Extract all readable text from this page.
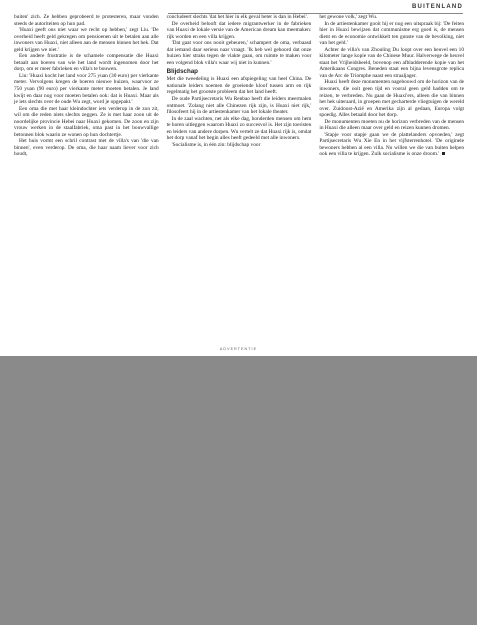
BUITENLAND

buiten' zich. Ze hebben geprobeerd te protesteren, maar vonden steeds de autoriteiten op hun pad.

'Huaxi geeft ons niet waar we recht op hebben,' zegt Liu. 'De overheid heeft geld gekregen om pensioenen uit te betalen aan alle inwoners van Huaxi, niet alleen aan de mensen binnen het hek. Dat geld krijgen we niet.'

Een andere frustratie is de schamele compensatie die Huaxi betaalt aan boeren van wie het land wordt ingenomen door het dorp, om er meer fabrieken en villa's te bouwen.

Liu: 'Huaxi kocht het land voor 275 yuan (30 euro) per vierkante meter. Vervolgens kregen de boeren nieuwe huizen, waarvoor ze 750 yuan (90 euro) per vierkante meter moeten betalen. Je land kwijt en daar nog voor moeten betalen ook: dat is Huaxi. Maar als je iets slechts over de oude Wu zegt, word je opgepakt.'

Een oma die met haar kleindochter iets verderop in de zon zit, wil om die reden niets slechts zeggen. Ze is met haar zoon uit de noordelijke provincie Hebei naar Huaxi gekomen. De zoon en zijn vrouw werken in de staalfabriek, oma past in het bouwvallige betonnen blok waarin ze wonen op hun dochtertje.

Het huis vormt een schril contrast met de villa's van 'die van binnen', even verderop. De oma, die haar naam liever voor zich houdt,

concludeert slechts 'dat het hier in elk geval beter is dan in Hebei'.

De overheid belooft dat iedere migrantwerker in de fabrieken van Huaxi de lokale versie van de American dream kan meemaken: rijk worden en een villa krijgen.

'Dat gaat voor ons nooit gebeuren,' schampert de oma, verbaasd dat iemand daar serieus naar vraagt. 'Ik heb wel gehoord dat onze huizen hier straks tegen de vlakte gaan, om ruimte te maken voor een volgend blok villa's waar wij niet in kunnen.'

Blijdschap

Met die tweedeling is Huaxi een afspiegeling van heel China. De nationale leiders noemen de groeiende kloof tussen arm en rijk regelmatig het grootste probleem dat het land heeft.

De oude Partijsecretaris Wu Renbao heeft die leiders meermalen ontmoet. 'Zolang niet alle Chinezen rijk zijn, is Huaxi niet rijk,' filosofeert hij in de artiestenkamer van het lokale theater.

In de zaal wachten, net als elke dag, honderden mensen om hem te horen uitleggen waarom Huaxi zo succesvol is. Het zijn toeristen en leiders van andere dorpen. Wu vertelt ze dat Huaxi rijk is, omdat het dorp vanaf het begin alles heeft gedeeld met alle inwoners.

'Socialisme is, in één zin: blijdschap voor

het gewone volk,' zegt Wu.

In de artiestenkamer gooit hij er nog een uitspraak bij: 'De feiten hier in Huaxi bewijzen dat communisme erg goed is, de mensen dient en de economie ontwikkelt ten gunste van de bevolking, niet van het geld.'

Achter de villa's van Zhouling Du loopt over een heuvel een 10 kilometer lange kopie van de Chinese Muur. Halverwege de heuvel staat het Vrijheidsbeeld, bovenop een afbladderende kopie van het Amerikaans Congres. Beneden staat een bijna levensgrote replica van de Arc de Triomphe naast een straaljager.

Huaxi heeft deze monumenten nagebouwd om de horizon van de inwoners, die ooit geen tijd en vooral geen geld hadden om te reizen, te verbreden. Nu gaan de Huaxi'ers, alleen die van binnen het hek uiteraard, in groepen met gecharterde vliegtuigen de wereld over. Zuidoost-Azië en Amerika zijn al gedaan, Europa volgt spoedig. Alles betaald door het dorp.

De monumenten moeten nu de horizon verbreden van de mensen in Huaxi die alleen maar over geld en reizen kunnen dromen.

'Stapje voor stapje gaan we de plattelanders opvoeden,' zegt Partijsecretaris Wu Xie En in het vijfsterrenhotel. 'De originele bewoners hebben al een villa. Nu willen we die van buiten helpen ook een villa te krijgen. Zulk socialisme is onze droom.'

ADVERTENTIE
